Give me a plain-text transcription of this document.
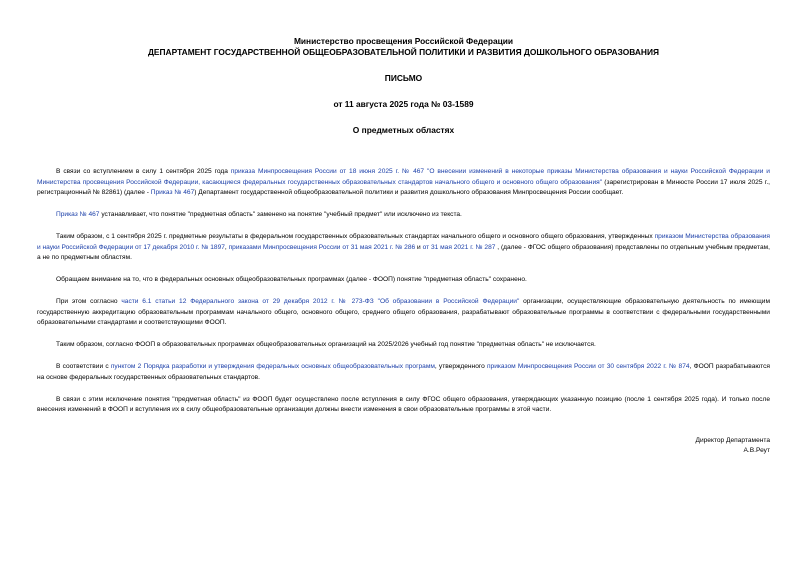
Министерство просвещения Российской Федерации
ДЕПАРТАМЕНТ ГОСУДАРСТВЕННОЙ ОБЩЕОБРАЗОВАТЕЛЬНОЙ ПОЛИТИКИ И РАЗВИТИЯ ДОШКОЛЬНОГО ОБРАЗОВАНИЯ
ПИСЬМО
от 11 августа 2025 года № 03-1589
О предметных областях

В связи со вступлением в силу 1 сентября 2025 года приказа Минпросвещения России от 18 июня 2025 г. № 467 "О внесении изменений в некоторые приказы Министерства образования и науки Российской Федерации и Министерства просвещения Российской Федерации, касающиеся федеральных государственных образовательных стандартов начального общего и основного общего образования" (зарегистрирован в Минюсте России 17 июля 2025 г., регистрационный № 82861) (далее - Приказ № 467) Департамент государственной общеобразовательной политики и развития дошкольного образования Минпросвещения России сообщает.

Приказ № 467 устанавливает, что понятие "предметная область" заменено на понятие "учебный предмет" или исключено из текста.

Таким образом, с 1 сентября 2025 г. предметные результаты в федеральном государственных образовательных стандартах начального общего и основного общего образования, утвержденных приказом Министерства образования и науки Российской Федерации от 17 декабря 2010 г. № 1897, приказами Минпросвещения России от 31 мая 2021 г. № 286 и от 31 мая 2021 г. № 287 , (далее - ФГОС общего образования) представлены по отдельным учебным предметам, а не по предметным областям.

Обращаем внимание на то, что в федеральных основных общеобразовательных программах (далее - ФООП) понятие "предметная область" сохранено.

При этом согласно части 6.1 статьи 12 Федерального закона от 29 декабря 2012 г. № 273-ФЗ "Об образовании в Российской Федерации" организации, осуществляющие образовательную деятельность по имеющим государственную аккредитацию образовательным программам начального общего, основного общего, среднего общего образования, разрабатывают образовательные программы в соответствии с федеральными государственными образовательными стандартами и соответствующими ФООП.

Таким образом, согласно ФООП в образовательных программах общеобразовательных организаций на 2025/2026 учебный год понятие "предметная область" не исключается.

В соответствии с пунктом 2 Порядка разработки и утверждения федеральных основных общеобразовательных программ, утвержденного приказом Минпросвещения России от 30 сентября 2022 г. № 874, ФООП разрабатываются на основе федеральных государственных образовательных стандартов.

В связи с этим исключение понятия "предметная область" из ФООП будет осуществлено после вступления в силу ФГОС общего образования, утверждающих указанную позицию (после 1 сентября 2025 года). И только после внесения изменений в ФООП и вступления их в силу общеобразовательные организации должны внести изменения в свои образовательные программы в этой части.

Директор Департамента
А.В.Реут
